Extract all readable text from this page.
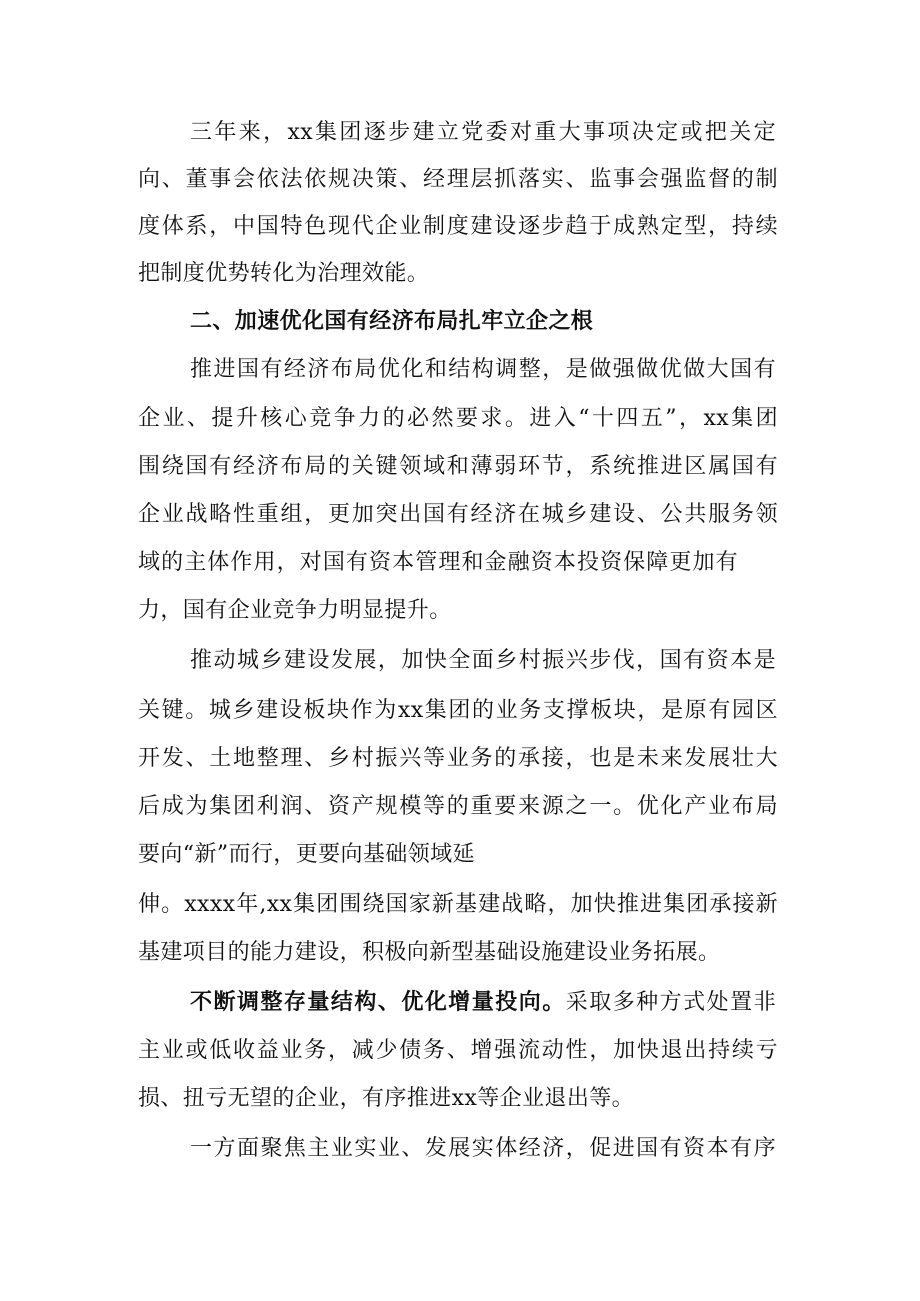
三年来，xx集团逐步建立党委对重大事项决定或把关定
向、董事会依法依规决策、经理层抓落实、监事会强监督的制
度体系，中国特色现代企业制度建设逐步趋于成熟定型，持续
把制度优势转化为治理效能。
二、加速优化国有经济布局扎牢立企之根
推进国有经济布局优化和结构调整，是做强做优做大国有
企业、提升核心竞争力的必然要求。进入“十四五”，xx集团
围绕国有经济布局的关键领域和薄弱环节，系统推进区属国有
企业战略性重组，更加突出国有经济在城乡建设、公共服务领
域的主体作用，对国有资本管理和金融资本投资保障更加有
力，国有企业竞争力明显提升。
推动城乡建设发展，加快全面乡村振兴步伐，国有资本是
关键。城乡建设板块作为xx集团的业务支撑板块，是原有园区
开发、土地整理、乡村振兴等业务的承接，也是未来发展壮大
后成为集团利润、资产规模等的重要来源之一。优化产业布局
要向“新”而行，更要向基础领域延
伸。xxxx年,xx集团围绕国家新基建战略，加快推进集团承接新
基建项目的能力建设，积极向新型基础设施建设业务拓展。
不断调整存量结构、优化增量投向。采取多种方式处置非
主业或低收益业务，减少债务、增强流动性，加快退出持续亏
损、扭亏无望的企业，有序推进xx等企业退出等。
一方面聚焦主业实业、发展实体经济，促进国有资本有序
